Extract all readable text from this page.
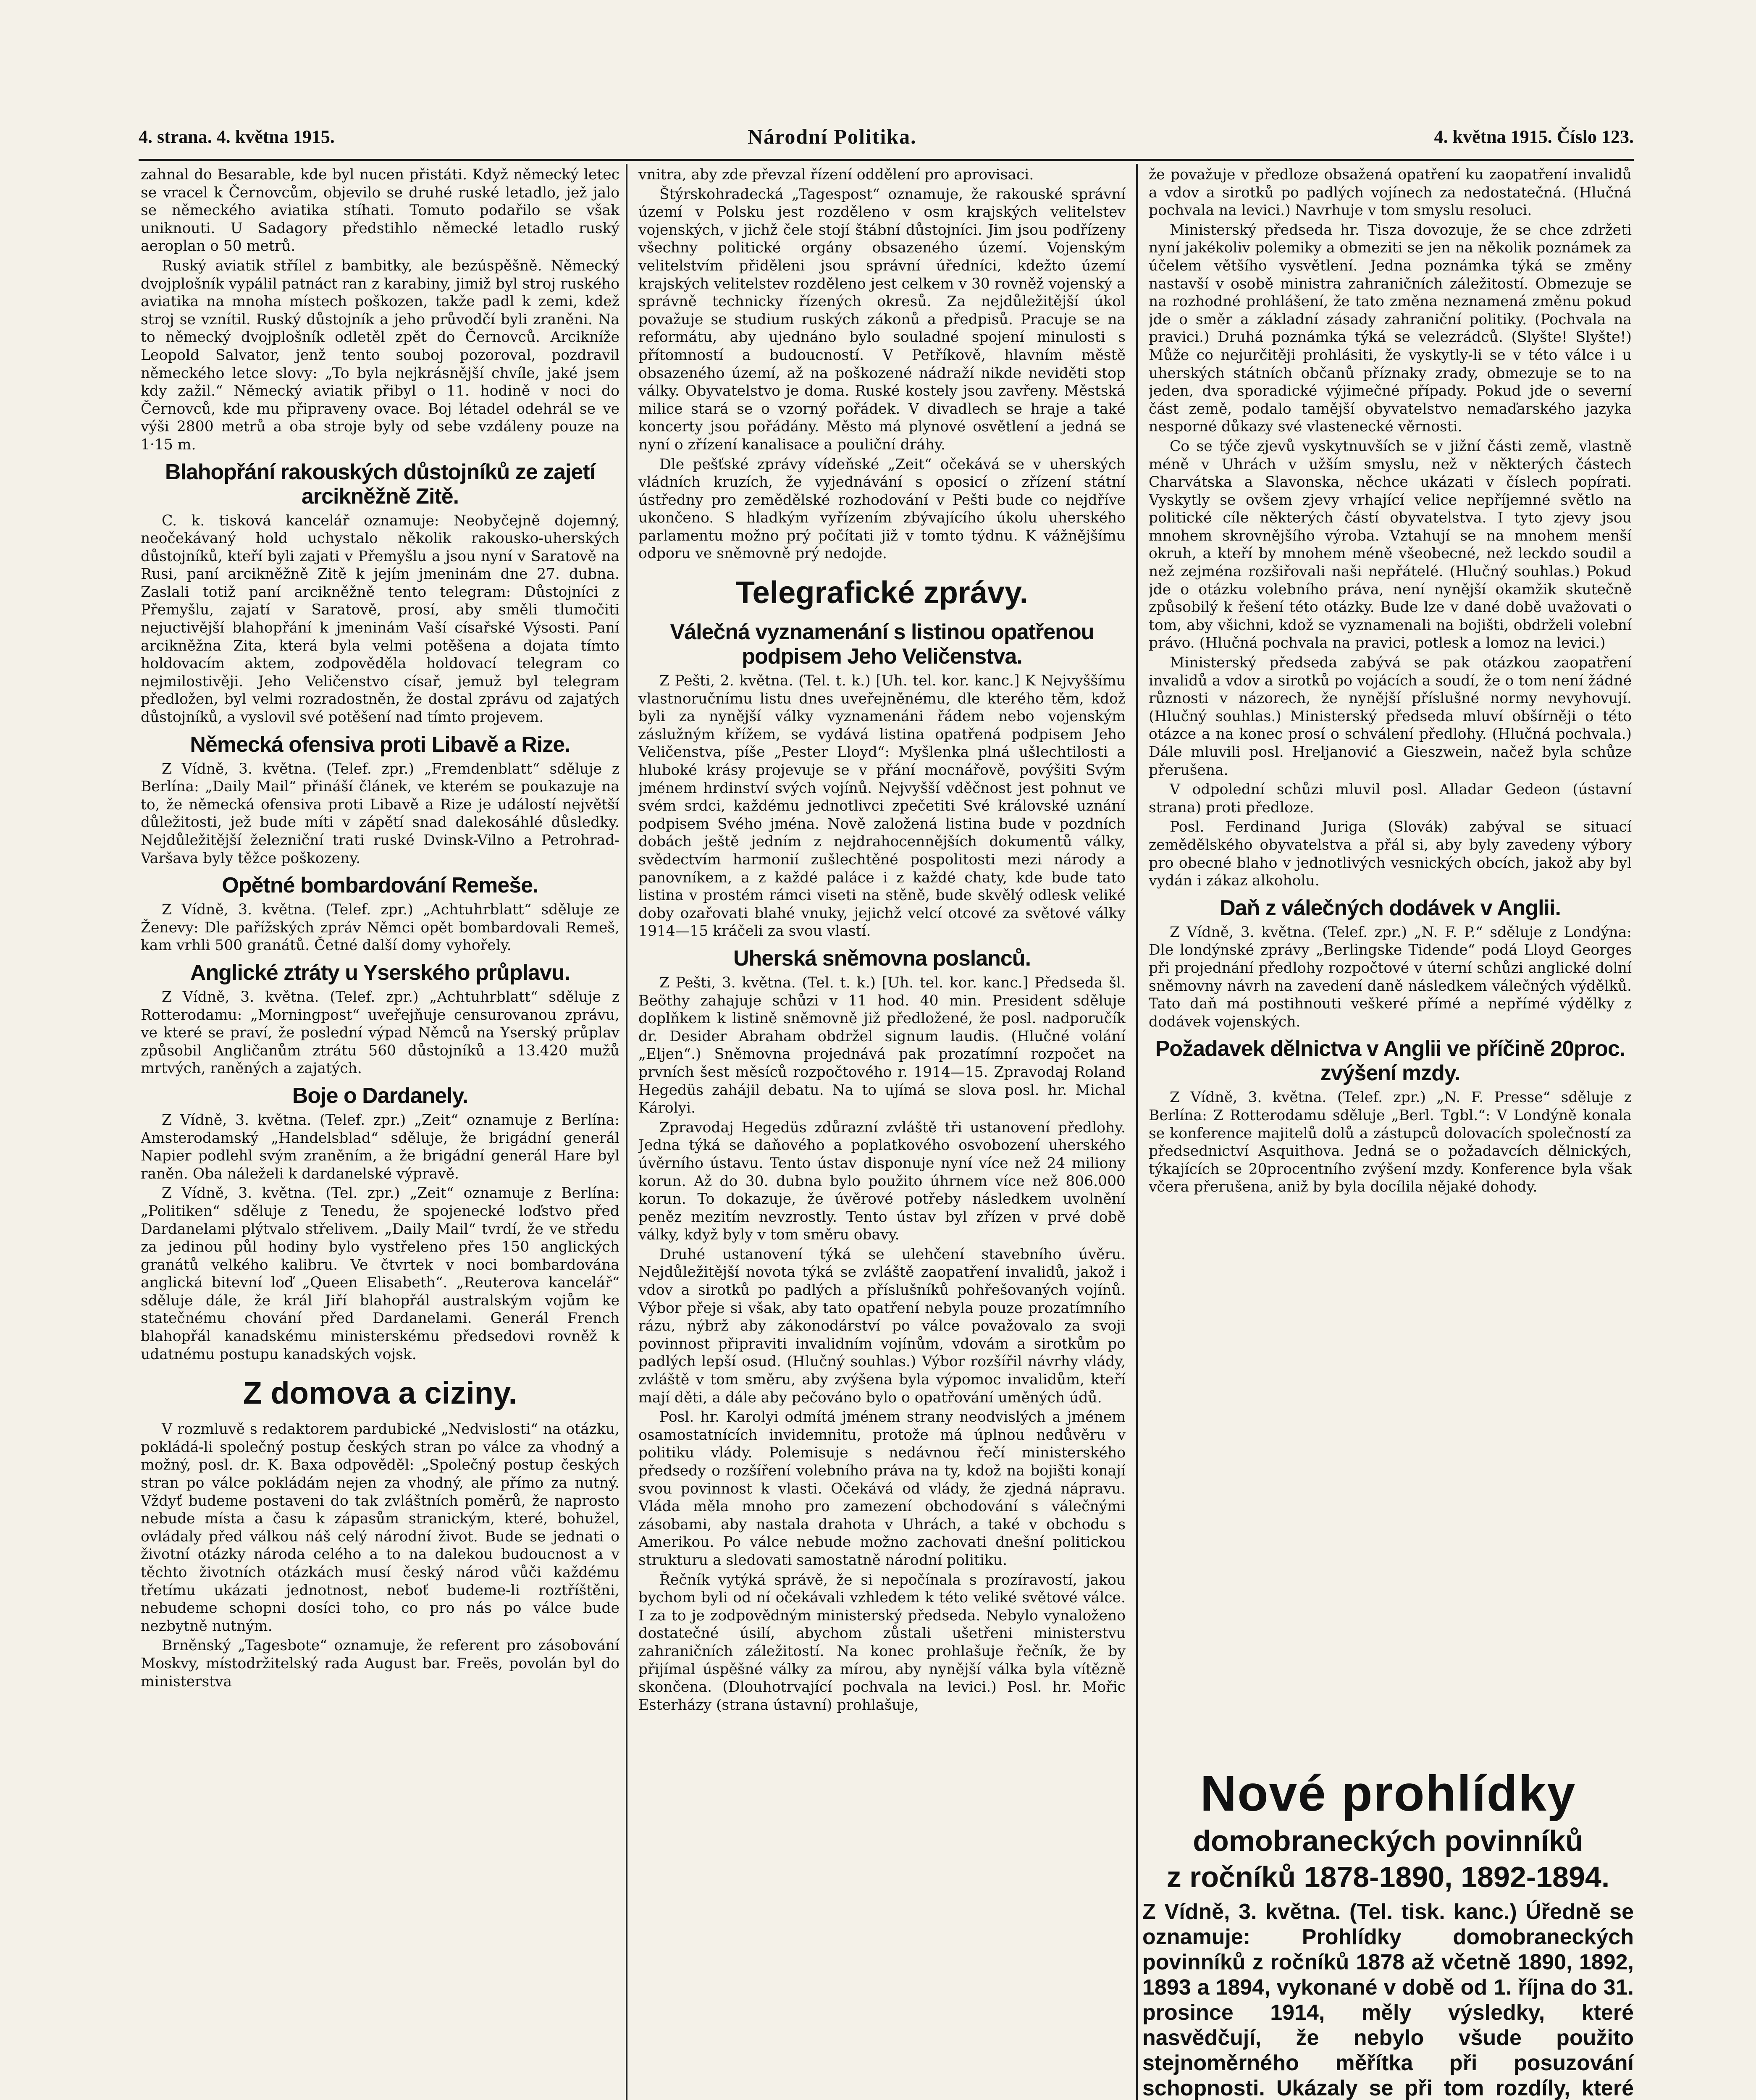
4. strana. 4. května 1915.	Národní Politika.	4. května 1915. Číslo 123.

zahnal do Besarable, kde byl nucen přistáti. Když německý letec se vracel k Černovcům, objevilo se druhé ruské letadlo, jež jalo se německého aviatika stíhati. Tomuto podařilo se však uniknouti. U Sadagory předstihlo německé letadlo ruský aeroplan o 50 metrů.

Ruský aviatik střílel z bambitky, ale bezúspěšně. Německý dvojplošník vypálil patnáct ran z karabiny, jimiž byl stroj ruského aviatika na mnoha místech poškozen, takže padl k zemi, kdež stroj se vznítil. Ruský důstojník a jeho průvodčí byli zraněni. Na to německý dvojplošník odletěl zpět do Černovců. Arcikníže Leopold Salvator, jenž tento souboj pozoroval, pozdravil německého letce slovy: „To byla nejkrásnější chvíle, jaké jsem kdy zažil.“ Německý aviatik přibyl o 11. hodině v noci do Černovců, kde mu připraveny ovace. Boj létadel odehrál se ve výši 2800 metrů a oba stroje byly od sebe vzdáleny pouze na 1·15 m.

Blahopřání rakouských důstojníků ze zajetí arcikněžně Zitě.

C. k. tisková kancelář oznamuje: Neobyčejně dojemný, neočekávaný hold uchystalo několik rakousko-uherských důstojníků, kteří byli zajati v Přemyšlu a jsou nyní v Saratově na Rusi, paní arcikněžně Zitě k jejím jmeninám dne 27. dubna. Zaslali totiž paní arcikněžně tento telegram: Důstojníci z Přemyšlu, zajatí v Saratově, prosí, aby směli tlumočiti nejuctivější blahopřání k jmeninám Vaší císařské Výsosti. Paní arcikněžna Zita, která byla velmi potěšena a dojata tímto holdovacím aktem, zodpověděla holdovací telegram co nejmilostivěji. Jeho Veličenstvo císař, jemuž byl telegram předložen, byl velmi rozradostněn, že dostal zprávu od zajatých důstojníků, a vyslovil své potěšení nad tímto projevem.

Německá ofensiva proti Libavě a Rize.

Z Vídně, 3. května. (Telef. zpr.) „Fremdenblatt“ sděluje z Berlína: „Daily Mail“ přináší článek, ve kterém se poukazuje na to, že německá ofensiva proti Libavě a Rize je událostí největší důležitosti, jež bude míti v zápětí snad dalekosáhlé důsledky. Nejdůležitější železniční trati ruské Dvinsk-Vilno a Petrohrad-Varšava byly těžce poškozeny.

Opětné bombardování Remeše.

Z Vídně, 3. května. (Telef. zpr.) „Achtuhrblatt“ sděluje ze Ženevy: Dle pařížských zpráv Němci opět bombardovali Remeš, kam vrhli 500 granátů. Četné další domy vyhořely.

Anglické ztráty u Yserského průplavu.

Z Vídně, 3. května. (Telef. zpr.) „Achtuhrblatt“ sděluje z Rotterodamu: „Morningpost“ uveřejňuje censurovanou zprávu, ve které se praví, že poslední výpad Němců na Yserský průplav způsobil Angličanům ztrátu 560 důstojníků a 13.420 mužů mrtvých, raněných a zajatých.

Boje o Dardanely.

Z Vídně, 3. května. (Telef. zpr.) „Zeit“ oznamuje z Berlína: Amsterodamský „Handelsblad“ sděluje, že brigádní generál Napier podlehl svým zraněním, a že brigádní generál Hare byl raněn. Oba náleželi k dardanelské výpravě.

Z Vídně, 3. května. (Tel. zpr.) „Zeit“ oznamuje z Berlína: „Politiken“ sděluje z Tenedu, že spojenecké loďstvo před Dardanelami plýtvalo střelivem. „Daily Mail“ tvrdí, že ve středu za jedinou půl hodiny bylo vystřeleno přes 150 anglických granátů velkého kalibru. Ve čtvrtek v noci bombardována anglická bitevní loď „Queen Elisabeth“. „Reuterova kancelář“ sděluje dále, že král Jiří blahopřál australským vojům ke statečnému chování před Dardanelami. Generál French blahopřál kanadskému ministerskému předsedovi rovněž k udatnému postupu kanadských vojsk.

Z domova a ciziny.

V rozmluvě s redaktorem pardubické „Nedvislosti“ na otázku, pokládá-li společný postup českých stran po válce za vhodný a možný, posl. dr. K. Baxa odpověděl: „Společný postup českých stran po válce pokládám nejen za vhodný, ale přímo za nutný. Vždyť budeme postaveni do tak zvláštních poměrů, že naprosto nebude místa a času k zápasům stranickým, které, bohužel, ovládaly před válkou náš celý národní život. Bude se jednati o životní otázky národa celého a to na dalekou budoucnost a v těchto životních otázkách musí český národ vůči každému třetímu ukázati jednotnost, neboť budeme-li roztříštěni, nebudeme schopni dosíci toho, co pro nás po válce bude nezbytně nutným.

Brněnský „Tagesbote“ oznamuje, že referent pro zásobování Moskvy, místodržitelský rada August bar. Freës, povolán byl do ministerstva

vnitra, aby zde převzal řízení oddělení pro aprovisaci.

Štýrskohradecká „Tagespost“ oznamuje, že rakouské správní území v Polsku jest rozděleno v osm krajských velitelstev vojenských, v jichž čele stojí štábní důstojníci. Jim jsou podřízeny všechny politické orgány obsazeného území. Vojenským velitelstvím přiděleni jsou správní úředníci, kdežto území krajských velitelstev rozděleno jest celkem v 30 rovněž vojenský a správně technicky řízených okresů. Za nejdůležitější úkol považuje se studium ruských zákonů a předpisů. Pracuje se na reformátu, aby ujednáno bylo souladné spojení minulosti s přítomností a budoucností. V Petříkově, hlavním městě obsazeného území, až na poškozené nádraží nikde neviděti stop války. Obyvatelstvo je doma. Ruské kostely jsou zavřeny. Městská milice stará se o vzorný pořádek. V divadlech se hraje a také koncerty jsou pořádány. Město má plynové osvětlení a jedná se nyní o zřízení kanalisace a pouliční dráhy.

Dle pešťské zprávy vídeňské „Zeit“ očekává se v uherských vládních kruzích, že vyjednávání s oposicí o zřízení státní ústředny pro zemědělské rozhodování v Pešti bude co nejdříve ukončeno. S hladkým vyřízením zbývajícího úkolu uherského parlamentu možno prý počítati již v tomto týdnu. K vážnějšímu odporu ve sněmovně prý nedojde.

Telegrafické zprávy.
Válečná vyznamenání s listinou opatřenou podpisem Jeho Veličenstva.

Z Pešti, 2. května. (Tel. t. k.) [Uh. tel. kor. kanc.] K Nejvyššímu vlastnoručnímu listu dnes uveřejněnému, dle kterého těm, kdož byli za nynější války vyznamenáni řádem nebo vojenským záslužným křížem, se vydává listina opatřená podpisem Jeho Veličenstva, píše „Pester Lloyd“: Myšlenka plná ušlechtilosti a hluboké krásy projevuje se v přání mocnářově, povýšiti Svým jménem hrdinství svých vojínů. Nejvyšší vděčnost jest pohnut ve svém srdci, každému jednotlivci zpečetiti Své královské uznání podpisem Svého jména. Nově založená listina bude v pozdních dobách ještě jedním z nejdrahocennějších dokumentů války, svědectvím harmonií zušlechtěné pospolitosti mezi národy a panovníkem, a z každé paláce i z každé chaty, kde bude tato listina v prostém rámci viseti na stěně, bude skvělý odlesk veliké doby ozařovati blahé vnuky, jejichž velcí otcové za světové války 1914—15 kráčeli za svou vlastí.

Uherská sněmovna poslanců.

Z Pešti, 3. května. (Tel. t. k.) [Uh. tel. kor. kanc.] Předseda šl. Beöthy zahajuje schůzi v 11 hod. 40 min. President sděluje doplňkem k listině sněmovně již předložené, že posl. nadporučík dr. Desider Abraham obdržel signum laudis. (Hlučné volání „Eljen“.) Sněmovna projednává pak prozatímní rozpočet na prvních šest měsíců rozpočtového r. 1914—15. Zpravodaj Roland Hegedüs zahájil debatu. Na to ujímá se slova posl. hr. Michal Károlyi.

Zpravodaj Hegedüs zdůrazní zvláště tři ustanovení předlohy. Jedna týká se daňového a poplatkového osvobození uherského úvěrního ústavu. Tento ústav disponuje nyní více než 24 miliony korun. Až do 30. dubna bylo použito úhrnem více než 806.000 korun. To dokazuje, že úvěrové potřeby následkem uvolnění peněz mezitím nevzrostly. Tento ústav byl zřízen v prvé době války, když byly v tom směru obavy.

Druhé ustanovení týká se ulehčení stavebního úvěru. Nejdůležitější novota týká se zvláště zaopatření invalidů, jakož i vdov a sirotků po padlých a příslušníků pohřešovaných vojínů. Výbor přeje si však, aby tato opatření nebyla pouze prozatímního rázu, nýbrž aby zákonodárství po válce považovalo za svoji povinnost připraviti invalidním vojínům, vdovám a sirotkům po padlých lepší osud. (Hlučný souhlas.) Výbor rozšířil návrhy vlády, zvláště v tom směru, aby zvýšena byla výpomoc invalidům, kteří mají děti, a dále aby pečováno bylo o opatřování uměných údů.

Posl. hr. Karolyi odmítá jménem strany neodvislých a jménem osamostatnících invidemnitu, protože má úplnou nedůvěru v politiku vlády. Polemisuje s nedávnou řečí ministerského předsedy o rozšíření volebního práva na ty, kdož na bojišti konají svou povinnost k vlasti. Očekává od vlády, že zjedná nápravu. Vláda měla mnoho pro zamezení obchodování s válečnými zásobami, aby nastala drahota v Uhrách, a také v obchodu s Amerikou. Po válce nebude možno zachovati dnešní politickou strukturu a sledovati samostatně národní politiku.

Řečník vytýká správě, že si nepočínala s prozíravostí, jakou bychom byli od ní očekávali vzhledem k této veliké světové válce. I za to je zodpovědným ministerský předseda. Nebylo vynaloženo dostatečné úsilí, abychom zůstali ušetřeni ministerstvu zahraničních záležitostí. Na konec prohlašuje řečník, že by přijímal úspěšné války za mírou, aby nynější válka byla vítězně skončena. (Dlouhotrvající pochvala na levici.) Posl. hr. Mořic Esterházy (strana ústavní) prohlašuje,

že považuje v předloze obsažená opatření ku zaopatření invalidů a vdov a sirotků po padlých vojínech za nedostatečná. (Hlučná pochvala na levici.) Navrhuje v tom smyslu resoluci.

Ministerský předseda hr. Tisza dovozuje, že se chce zdržeti nyní jakékoliv polemiky a obmeziti se jen na několik poznámek za účelem většího vysvětlení. Jedna poznámka týká se změny nastavší v osobě ministra zahraničních záležitostí. Obmezuje se na rozhodné prohlášení, že tato změna neznamená změnu pokud jde o směr a základní zásady zahraniční politiky. (Pochvala na pravici.) Druhá poznámka týká se velezrádců. (Slyšte! Slyšte!) Může co nejurčitěji prohlásiti, že vyskytly-li se v této válce i u uherských státních občanů příznaky zrady, obmezuje se to na jeden, dva sporadické výjimečné případy. Pokud jde o severní část země, podalo tamější obyvatelstvo nemaďarského jazyka nesporné důkazy své vlastenecké věrnosti.

Co se týče zjevů vyskytnuvších se v jižní části země, vlastně méně v Uhrách v užším smyslu, než v některých částech Charvátska a Slavonska, něchce ukázati v číslech popírati. Vyskytly se ovšem zjevy vrhající velice nepříjemné světlo na politické cíle některých částí obyvatelstva. I tyto zjevy jsou mnohem skrovnějšího výroba. Vztahují se na mnohem menší okruh, a kteří by mnohem méně všeobecné, než leckdo soudil a než zejména rozšiřovali naši nepřátelé. (Hlučný souhlas.) Pokud jde o otázku volebního práva, není nynější okamžik skutečně způsobilý k řešení této otázky. Bude lze v dané době uvažovati o tom, aby všichni, kdož se vyznamenali na bojišti, obdrželi volební právo. (Hlučná pochvala na pravici, potlesk a lomoz na levici.)

Ministerský předseda zabývá se pak otázkou zaopatření invalidů a vdov a sirotků po vojácích a soudí, že o tom není žádné různosti v názorech, že nynější příslušné normy nevyhovují. (Hlučný souhlas.) Ministerský předseda mluví obšírněji o této otázce a na konec prosí o schválení předlohy. (Hlučná pochvala.) Dále mluvili posl. Hreljanović a Gieszwein, načež byla schůze přerušena.

V odpolední schůzi mluvil posl. Alladar Gedeon (ústavní strana) proti předloze.

Posl. Ferdinand Juriga (Slovák) zabýval se situací zemědělského obyvatelstva a přál si, aby byly zavedeny výbory pro obecné blaho v jednotlivých vesnických obcích, jakož aby byl vydán i zákaz alkoholu.

Daň z válečných dodávek v Anglii.

Z Vídně, 3. května. (Telef. zpr.) „N. F. P.“ sděluje z Londýna: Dle londýnské zprávy „Berlingske Tidende“ podá Lloyd Georges při projednání předlohy rozpočtové v úterní schůzi anglické dolní sněmovny návrh na zavedení daně následkem válečných výdělků. Tato daň má postihnouti veškeré přímé a nepřímé výdělky z dodávek vojenských.

Požadavek dělnictva v Anglii ve příčině 20proc. zvýšení mzdy.

Z Vídně, 3. května. (Telef. zpr.) „N. F. Presse“ sděluje z Berlína: Z Rotterodamu sděluje „Berl. Tgbl.“: V Londýně konala se konference majitelů dolů a zástupců dolovacích společností za předsednictví Asquithova. Jedná se o požadavcích dělnických, týkajících se 20procentního zvýšení mzdy. Konference byla však včera přerušena, aniž by byla docílila nějaké dohody.

Nové prohlídky
domobraneckých povinníků
z ročníků 1878-1890, 1892-1894.
Z Vídně, 3. května. (Tel. tisk. kanc.) Úředně se oznamuje: Prohlídky domobraneckých povinníků z ročníků 1878 až včetně 1890, 1892, 1893 a 1894, vykonané v době od 1. října do 31. prosince 1914, měly výsledky, které nasvědčují, že nebylo všude použito stejnoměrného měřítka při posuzování schopnosti. Ukázaly se při tom rozdíly, které
